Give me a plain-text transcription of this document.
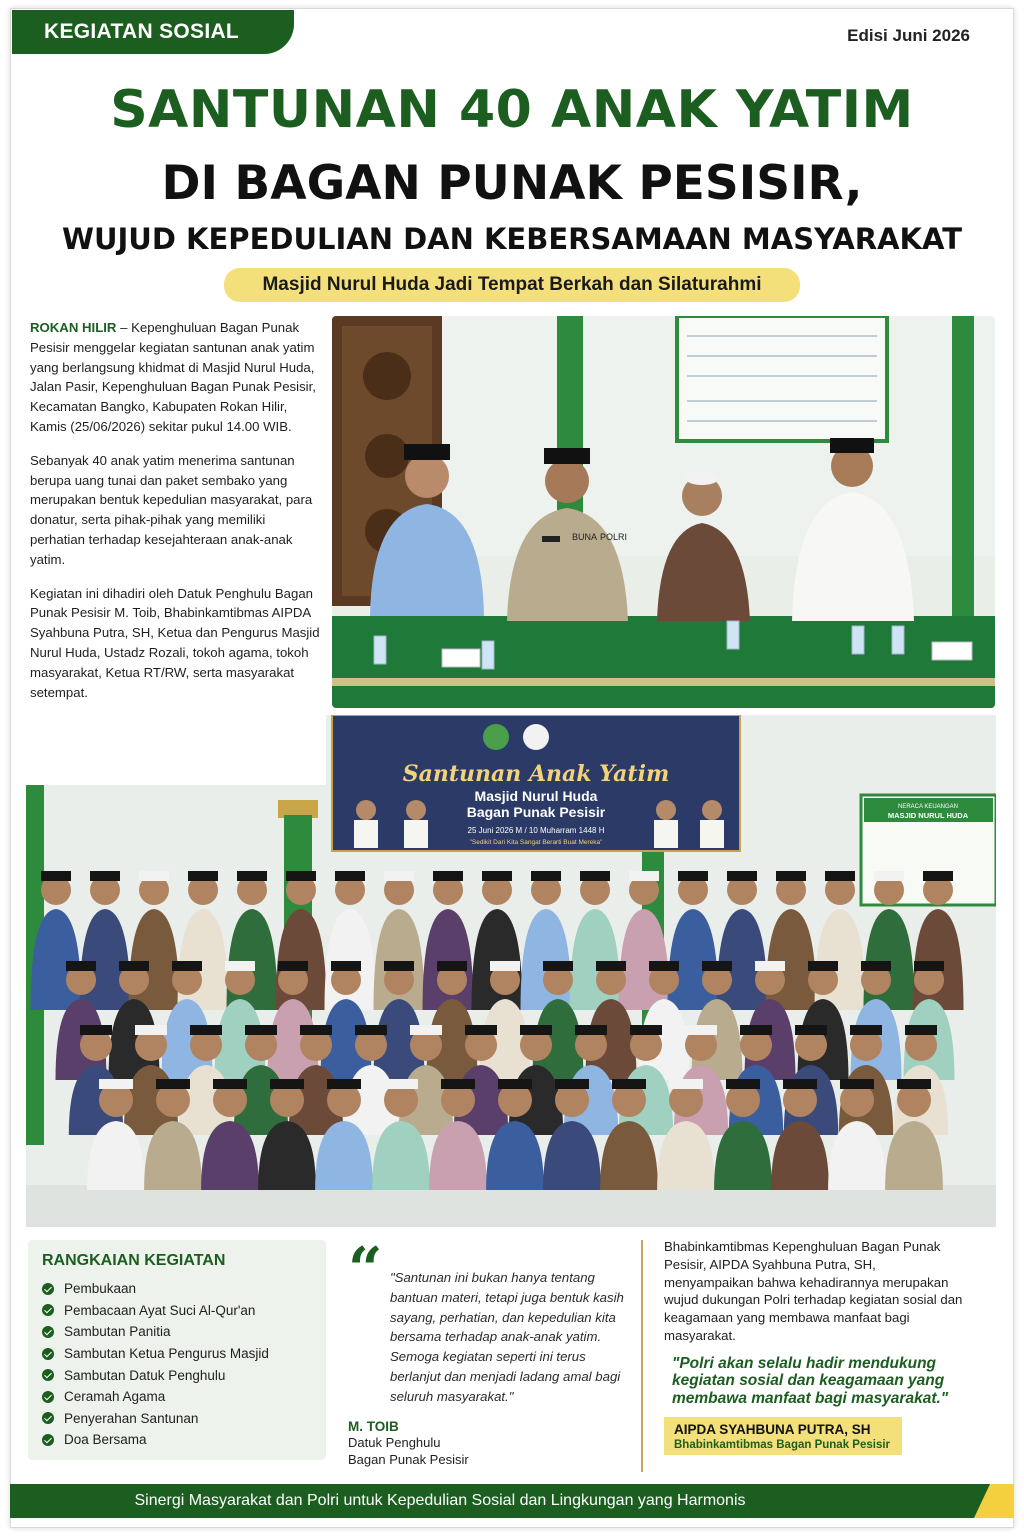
KEGIATAN SOSIAL	Edisi Juni 2026
SANTUNAN 40 ANAK YATIM
DI BAGAN PUNAK PESISIR,
WUJUD KEPEDULIAN DAN KEBERSAMAAN MASYARAKAT
Masjid Nurul Huda Jadi Tempat Berkah dan Silaturahmi

ROKAN HILIR – Kepenghuluan Bagan Punak Pesisir menggelar kegiatan santunan anak yatim yang berlangsung khidmat di Masjid Nurul Huda, Jalan Pasir, Kepenghuluan Bagan Punak Pesisir, Kecamatan Bangko, Kabupaten Rokan Hilir, Kamis (25/06/2026) sekitar pukul 14.00 WIB.

Sebanyak 40 anak yatim menerima santunan berupa uang tunai dan paket sembako yang merupakan bentuk kepedulian masyarakat, para donatur, serta pihak-pihak yang memiliki perhatian terhadap kesejahteraan anak-anak yatim.

Kegiatan ini dihadiri oleh Datuk Penghulu Bagan Punak Pesisir M. Toib, Bhabinkamtibmas AIPDA Syahbuna Putra, SH, Ketua dan Pengurus Masjid Nurul Huda, Ustadz Rozali, tokoh agama, tokoh masyarakat, Ketua RT/RW, serta masyarakat setempat.

BUNA POLRI
Santunan Anak Yatim
Masjid Nurul Huda
Bagan Punak Pesisir
25 Juni 2026 M / 10 Muharram 1448 H
"Sedikit Dari Kita Sangat Berarti Buat Mereka"
NERACA KEUANGAN
MASJID NURUL HUDA
RANGKAIAN KEGIATAN
Pembukaan
Pembacaan Ayat Suci Al-Qur'an
Sambutan Panitia
Sambutan Ketua Pengurus Masjid
Sambutan Datuk Penghulu
Ceramah Agama
Penyerahan Santunan
Doa Bersama
“ "Santunan ini bukan hanya tentang bantuan materi, tetapi juga bentuk kasih sayang, perhatian, dan kepedulian kita bersama terhadap anak-anak yatim. Semoga kegiatan seperti ini terus berlanjut dan menjadi ladang amal bagi seluruh masyarakat."
M. TOIB
Datuk Penghulu
Bagan Punak Pesisir
Bhabinkamtibmas Kepenghuluan Bagan Punak Pesisir, AIPDA Syahbuna Putra, SH, menyampaikan bahwa kehadirannya merupakan wujud dukungan Polri terhadap kegiatan sosial dan keagamaan yang membawa manfaat bagi masyarakat.
"Polri akan selalu hadir mendukung kegiatan sosial dan keagamaan yang membawa manfaat bagi masyarakat."
AIPDA SYAHBUNA PUTRA, SH
Bhabinkamtibmas Bagan Punak Pesisir
Sinergi Masyarakat dan Polri untuk Kepedulian Sosial dan Lingkungan yang Harmonis
